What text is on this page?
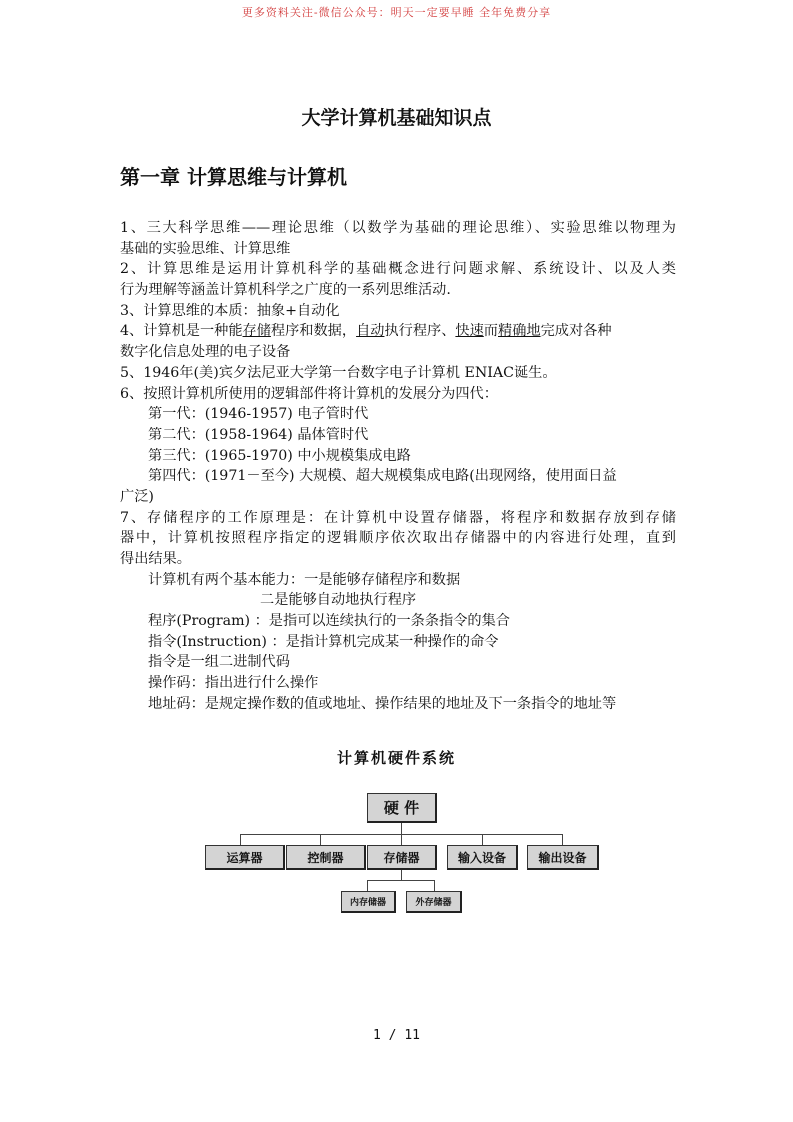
更多资料关注-微信公众号：明天一定要早睡 全年免费分享
大学计算机基础知识点
第一章 计算思维与计算机
1、三大科学思维——理论思维（以数学为基础的理论思维）、实验思维以物理为
基础的实验思维、计算思维
2、计算思维是运用计算机科学的基础概念进行问题求解、系统设计、以及人类
行为理解等涵盖计算机科学之广度的一系列思维活动.
3、计算思维的本质：抽象+自动化
4、计算机是一种能存储程序和数据，自动执行程序、快速而精确地完成对各种
数字化信息处理的电子设备
5、1946年(美)宾夕法尼亚大学第一台数字电子计算机 ENIAC诞生。
6、按照计算机所使用的逻辑部件将计算机的发展分为四代：
第一代：(1946-1957) 电子管时代
第二代：(1958-1964) 晶体管时代
第三代：(1965-1970) 中小规模集成电路
第四代：(1971－至今) 大规模、超大规模集成电路(出现网络，使用面日益
广泛)
7、存储程序的工作原理是：在计算机中设置存储器，将程序和数据存放到存储
器中，计算机按照程序指定的逻辑顺序依次取出存储器中的内容进行处理，直到
得出结果。
计算机有两个基本能力：一是能够存储程序和数据
二是能够自动地执行程序
程序(Program) ：是指可以连续执行的一条条指令的集合
指令(Instruction) ：是指计算机完成某一种操作的命令
指令是一组二进制代码
操作码：指出进行什么操作
地址码：是规定操作数的值或地址、操作结果的地址及下一条指令的地址等
计算机硬件系统
硬 件
运算器	控制器	存储器	输入设备	输出设备
内存储器	外存储器
1 / 11
